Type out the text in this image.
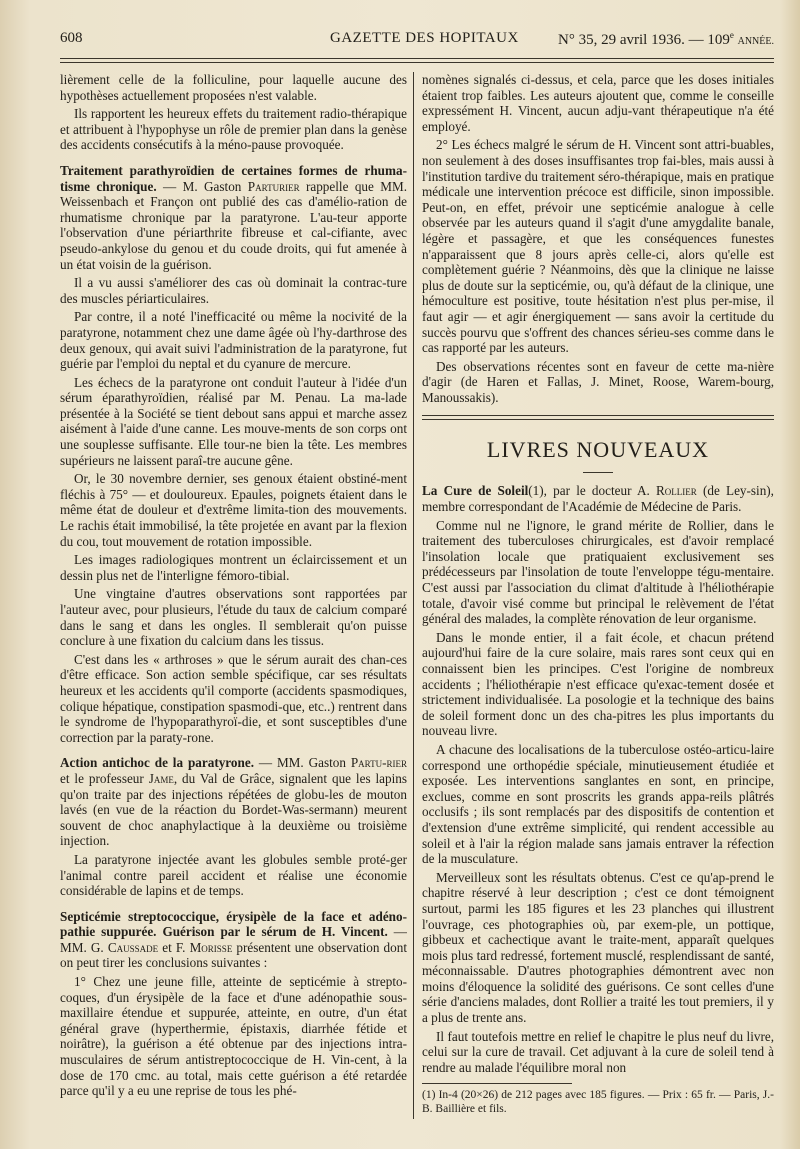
608	GAZETTE DES HOPITAUX	N° 35, 29 avril 1936. — 109e ANNÉE.

lièrement celle de la folliculine, pour laquelle aucune des hypothèses actuellement proposées n'est valable.

Ils rapportent les heureux effets du traitement radio-thérapique et attribuent à l'hypophyse un rôle de premier plan dans la genèse des accidents consécutifs à la méno-pause provoquée.

Traitement parathyroïdien de certaines formes de rhuma-tisme chronique. — M. Gaston Parturier rappelle que MM. Weissenbach et Françon ont publié des cas d'amélio-ration de rhumatisme chronique par la paratyrone. L'au-teur apporte l'observation d'une périarthrite fibreuse et cal-cifiante, avec pseudo-ankylose du genou et du coude droits, qui fut amenée à un état voisin de la guérison.

Il a vu aussi s'améliorer des cas où dominait la contrac-ture des muscles périarticulaires.

Par contre, il a noté l'inefficacité ou même la nocivité de la paratyrone, notamment chez une dame âgée où l'hy-darthrose des deux genoux, qui avait suivi l'administration de la paratyrone, fut guérie par l'emploi du neptal et du cyanure de mercure.

Les échecs de la paratyrone ont conduit l'auteur à l'idée d'un sérum éparathyroïdien, réalisé par M. Penau. La ma-lade présentée à la Société se tient debout sans appui et marche assez aisément à l'aide d'une canne. Les mouve-ments de son corps ont une souplesse suffisante. Elle tour-ne bien la tête. Les membres supérieurs ne laissent paraî-tre aucune gêne.

Or, le 30 novembre dernier, ses genoux étaient obstiné-ment fléchis à 75° — et douloureux. Epaules, poignets étaient dans le même état de douleur et d'extrême limita-tion des mouvements. Le rachis était immobilisé, la tête projetée en avant par la flexion du cou, tout mouvement de rotation impossible.

Les images radiologiques montrent un éclaircissement et un dessin plus net de l'interligne fémoro-tibial.

Une vingtaine d'autres observations sont rapportées par l'auteur avec, pour plusieurs, l'étude du taux de calcium comparé dans le sang et dans les ongles. Il semblerait qu'on puisse conclure à une fixation du calcium dans les tissus.

C'est dans les « arthroses » que le sérum aurait des chan-ces d'être efficace. Son action semble spécifique, car ses résultats heureux et les accidents qu'il comporte (accidents spasmodiques, colique hépatique, constipation spasmodi-que, etc..) rentrent dans le syndrome de l'hypoparathyroï-die, et sont susceptibles d'une correction par la paraty-rone.

Action antichoc de la paratyrone. — MM. Gaston Partu-rier et le professeur Jame, du Val de Grâce, signalent que les lapins qu'on traite par des injections répétées de globu-les de mouton lavés (en vue de la réaction du Bordet-Was-sermann) meurent souvent de choc anaphylactique à la deuxième ou troisième injection.

La paratyrone injectée avant les globules semble proté-ger l'animal contre pareil accident et réalise une économie considérable de lapins et de temps.

Septicémie streptococcique, érysipèle de la face et adéno-pathie suppurée. Guérison par le sérum de H. Vincent. — MM. G. Caussade et F. Morisse présentent une observation dont on peut tirer les conclusions suivantes :

1° Chez une jeune fille, atteinte de septicémie à strepto-coques, d'un érysipèle de la face et d'une adénopathie sous-maxillaire étendue et suppurée, atteinte, en outre, d'un état général grave (hyperthermie, épistaxis, diarrhée fétide et noirâtre), la guérison a été obtenue par des injections intra-musculaires de sérum antistreptococcique de H. Vin-cent, à la dose de 170 cmc. au total, mais cette guérison a été retardée parce qu'il y a eu une reprise de tous les phé-

nomènes signalés ci-dessus, et cela, parce que les doses initiales étaient trop faibles. Les auteurs ajoutent que, comme le conseille expressément H. Vincent, aucun adju-vant thérapeutique n'a été employé.

2° Les échecs malgré le sérum de H. Vincent sont attri-buables, non seulement à des doses insuffisantes trop fai-bles, mais aussi à l'institution tardive du traitement séro-thérapique, mais en pratique médicale une intervention précoce est difficile, sinon impossible. Peut-on, en effet, prévoir une septicémie analogue à celle observée par les auteurs quand il s'agit d'une amygdalite banale, légère et passagère, et que les conséquences funestes n'apparaissent que 8 jours après celle-ci, alors qu'elle est complètement guérie ? Néanmoins, dès que la clinique ne laisse plus de doute sur la septicémie, ou, qu'à défaut de la clinique, une hémoculture est positive, toute hésitation n'est plus per-mise, il faut agir — et agir énergiquement — sans avoir la certitude du succès pourvu que s'offrent des chances sérieu-ses comme dans le cas rapporté par les auteurs.

Des observations récentes sont en faveur de cette ma-nière d'agir (de Haren et Fallas, J. Minet, Roose, Warem-bourg, Manoussakis).

LIVRES NOUVEAUX

La Cure de Soleil(1), par le docteur A. Rollier (de Ley-sin), membre correspondant de l'Académie de Médecine de Paris.

Comme nul ne l'ignore, le grand mérite de Rollier, dans le traitement des tuberculoses chirurgicales, est d'avoir remplacé l'insolation locale que pratiquaient exclusivement ses prédécesseurs par l'insolation de toute l'enveloppe tégu-mentaire. C'est aussi par l'association du climat d'altitude à l'héliothérapie totale, d'avoir visé comme but principal le relèvement de l'état général des malades, la complète rénovation de leur organisme.

Dans le monde entier, il a fait école, et chacun prétend aujourd'hui faire de la cure solaire, mais rares sont ceux qui en connaissent bien les principes. C'est l'origine de nombreux accidents ; l'héliothérapie n'est efficace qu'exac-tement dosée et strictement individualisée. La posologie et la technique des bains de soleil forment donc un des cha-pitres les plus importants du nouveau livre.

A chacune des localisations de la tuberculose ostéo-articu-laire correspond une orthopédie spéciale, minutieusement étudiée et exposée. Les interventions sanglantes en sont, en principe, exclues, comme en sont proscrits les grands appa-reils plâtrés occlusifs ; ils sont remplacés par des dispositifs de contention et d'extension d'une extrême simplicité, qui rendent accessible au soleil et à l'air la région malade sans jamais entraver la réfection de la musculature.

Merveilleux sont les résultats obtenus. C'est ce qu'ap-prend le chapitre réservé à leur description ; c'est ce dont témoignent surtout, parmi les 185 figures et les 23 planches qui illustrent l'ouvrage, ces photographies où, par exem-ple, un pottique, gibbeux et cachectique avant le traite-ment, apparaît quelques mois plus tard redressé, fortement musclé, resplendissant de santé, méconnaissable. D'autres photographies démontrent avec non moins d'éloquence la solidité des guérisons. Ce sont celles d'une série d'anciens malades, dont Rollier a traité les tout premiers, il y a plus de trente ans.

Il faut toutefois mettre en relief le chapitre le plus neuf du livre, celui sur la cure de travail. Cet adjuvant à la cure de soleil tend à rendre au malade l'équilibre moral non

(1) In-4 (20×26) de 212 pages avec 185 figures. — Prix : 65 fr. — Paris, J.-B. Baillière et fils.
